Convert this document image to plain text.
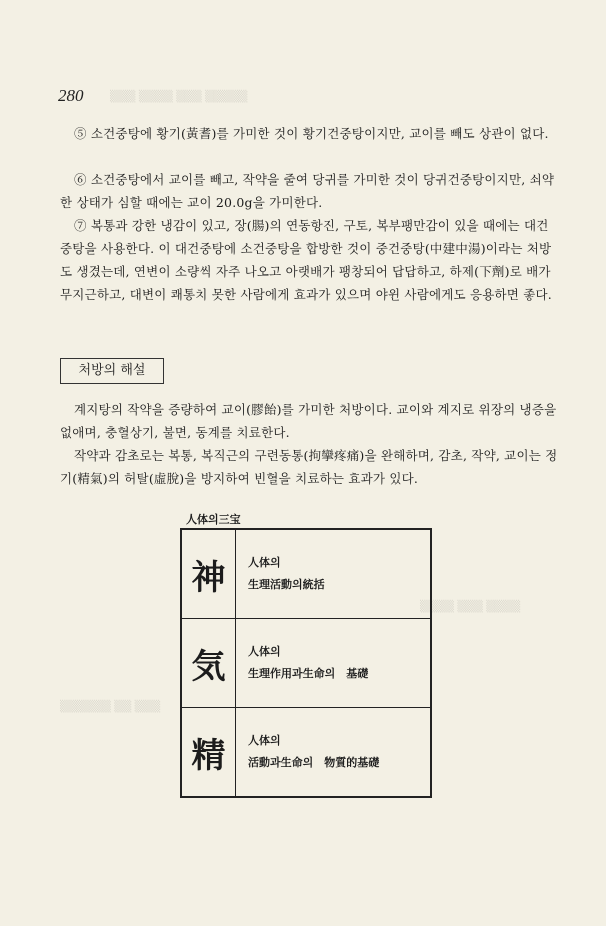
▒▒▒ ▒▒▒▒ ▒▒▒ ▒▒▒▒▒
▒▒▒▒ ▒▒▒ ▒▒▒▒
▒▒▒▒▒▒ ▒▒ ▒▒▒
280

⑤ 소건중탕에 황기(黃耆)를 가미한 것이 황기건중탕이지만, 교이를 빼도 상관이 없다.

⑥ 소건중탕에서 교이를 빼고, 작약을 줄여 당귀를 가미한 것이 당귀건중탕이지만, 쇠약한 상태가 심할 때에는 교이 20.0g을 가미한다.

⑦ 복통과 강한 냉감이 있고, 장(腸)의 연동항진, 구토, 복부팽만감이 있을 때에는 대건중탕을 사용한다. 이 대건중탕에 소건중탕을 합방한 것이 중건중탕(中建中湯)이라는 처방도 생겼는데, 연변이 소량씩 자주 나오고 아랫배가 팽창되어 답답하고, 하제(下劑)로 배가 무지근하고, 대변이 쾌통치 못한 사람에게 효과가 있으며 야윈 사람에게도 응용하면 좋다.

처방의 해설

계지탕의 작약을 증량하여 교이(膠飴)를 가미한 처방이다. 교이와 계지로 위장의 냉증을 없애며, 충혈상기, 불면, 동계를 치료한다.

작약과 감초로는 복통, 복직근의 구련동통(拘攣疼痛)을 완해하며, 감초, 작약, 교이는 정기(精氣)의 허탈(虛脫)을 방지하여 빈혈을 치료하는 효과가 있다.

人体의三宝
神	人体의
生理活動의統括
気	人体의
生理作用과生命의　基礎
精	人体의
活動과生命의　物質的基礎
